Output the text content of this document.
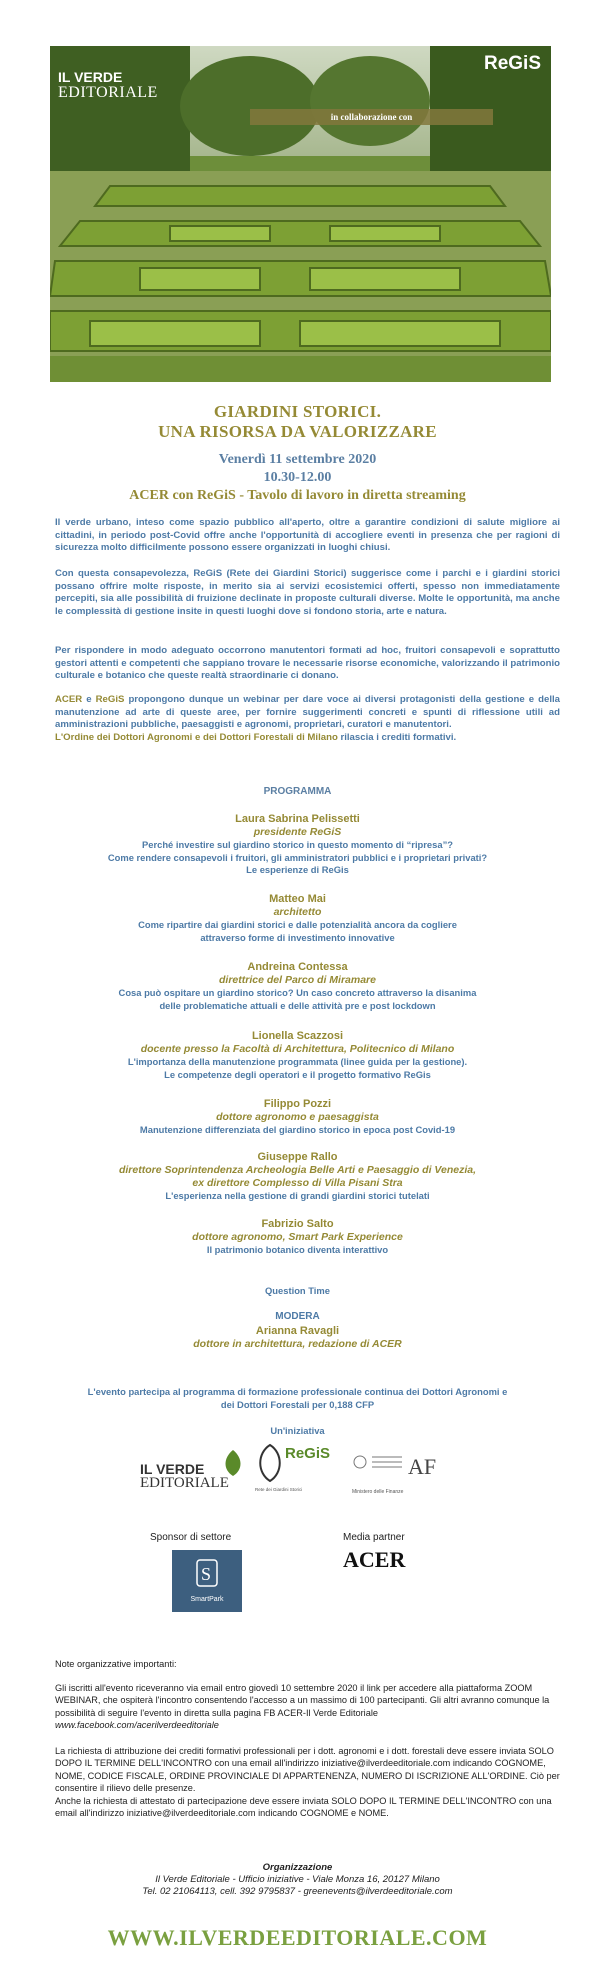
IL VERDE
EDITORIALE
ReGiS
in collaborazione con
GIARDINI STORICI.
UNA RISORSA DA VALORIZZARE
Venerdì 11 settembre 2020
10.30-12.00
ACER con ReGiS - Tavolo di lavoro in diretta streaming
Il verde urbano, inteso come spazio pubblico all'aperto, oltre a garantire condizioni di salute migliore ai cittadini, in periodo post-Covid offre anche l'opportunità di accogliere eventi in presenza che per ragioni di sicurezza molto difficilmente possono essere organizzati in luoghi chiusi.
Con questa consapevolezza, ReGiS (Rete dei Giardini Storici) suggerisce come i parchi e i giardini storici possano offrire molte risposte, in merito sia ai servizi ecosistemici offerti, spesso non immediatamente percepiti, sia alle possibilità di fruizione declinate in proposte culturali diverse. Molte le opportunità, ma anche le complessità di gestione insite in questi luoghi dove si fondono storia, arte e natura.
Per rispondere in modo adeguato occorrono manutentori formati ad hoc, fruitori consapevoli e soprattutto gestori attenti e competenti che sappiano trovare le necessarie risorse economiche, valorizzando il patrimonio culturale e botanico che queste realtà straordinarie ci donano.
ACER e ReGiS propongono dunque un webinar per dare voce ai diversi protagonisti della gestione e della manutenzione ad arte di queste aree, per fornire suggerimenti concreti e spunti di riflessione utili ad amministrazioni pubbliche, paesaggisti e agronomi, proprietari, curatori e manutentori.
L'Ordine dei Dottori Agronomi e dei Dottori Forestali di Milano rilascia i crediti formativi.
PROGRAMMA
Laura Sabrina Pelissetti
presidente ReGiS
Perché investire sul giardino storico in questo momento di “ripresa”?
Come rendere consapevoli i fruitori, gli amministratori pubblici e i proprietari privati?
Le esperienze di ReGis
Matteo Mai
architetto
Come ripartire dai giardini storici e dalle potenzialità ancora da cogliere
attraverso forme di investimento innovative
Andreina Contessa
direttrice del Parco di Miramare
Cosa può ospitare un giardino storico? Un caso concreto attraverso la disanima
delle problematiche attuali e delle attività pre e post lockdown
Lionella Scazzosi
docente presso la Facoltà di Architettura, Politecnico di Milano
L'importanza della manutenzione programmata (linee guida per la gestione).
Le competenze degli operatori e il progetto formativo ReGis
Filippo Pozzi
dottore agronomo e paesaggista
Manutenzione differenziata del giardino storico in epoca post Covid-19
Giuseppe Rallo
direttore Soprintendenza Archeologia Belle Arti e Paesaggio di Venezia,
ex direttore Complesso di Villa Pisani Stra
L'esperienza nella gestione di grandi giardini storici tutelati
Fabrizio Salto
dottore agronomo, Smart Park Experience
Il patrimonio botanico diventa interattivo
Question Time
MODERA
Arianna Ravagli
dottore in architettura, redazione di ACER
L'evento partecipa al programma di formazione professionale continua dei Dottori Agronomi e
dei Dottori Forestali per 0,188 CFP
Un'iniziativa
IL VERDE
EDITORIALE
ReGiS
Rete dei Giardini Storici
AF
Ministero delle Finanze
Sponsor di settore
S
SmartPark
Media partner
ACER
Note organizzative importanti:
Gli iscritti all'evento riceveranno via email entro giovedì 10 settembre 2020 il link per accedere alla piattaforma ZOOM WEBINAR, che ospiterà l'incontro consentendo l'accesso a un massimo di 100 partecipanti. Gli altri avranno comunque la possibilità di seguire l'evento in diretta sulla pagina FB ACER-Il Verde Editoriale
www.facebook.com/acerilverdeeditoriale
La richiesta di attribuzione dei crediti formativi professionali per i dott. agronomi e i dott. forestali deve essere inviata SOLO DOPO IL TERMINE DELL'INCONTRO con una email all'indirizzo iniziative@ilverdeeditoriale.com indicando COGNOME, NOME, CODICE FISCALE, ORDINE PROVINCIALE DI APPARTENENZA, NUMERO DI ISCRIZIONE ALL'ORDINE. Ciò per consentire il rilievo delle presenze.
Anche la richiesta di attestato di partecipazione deve essere inviata SOLO DOPO IL TERMINE DELL'INCONTRO con una email all'indirizzo iniziative@ilverdeeditoriale.com indicando COGNOME e NOME.
Organizzazione
Il Verde Editoriale - Ufficio iniziative - Viale Monza 16, 20127 Milano
Tel. 02 21064113, cell. 392 9795837 - greenevents@ilverdeeditoriale.com
WWW.ILVERDEEDITORIALE.COM
